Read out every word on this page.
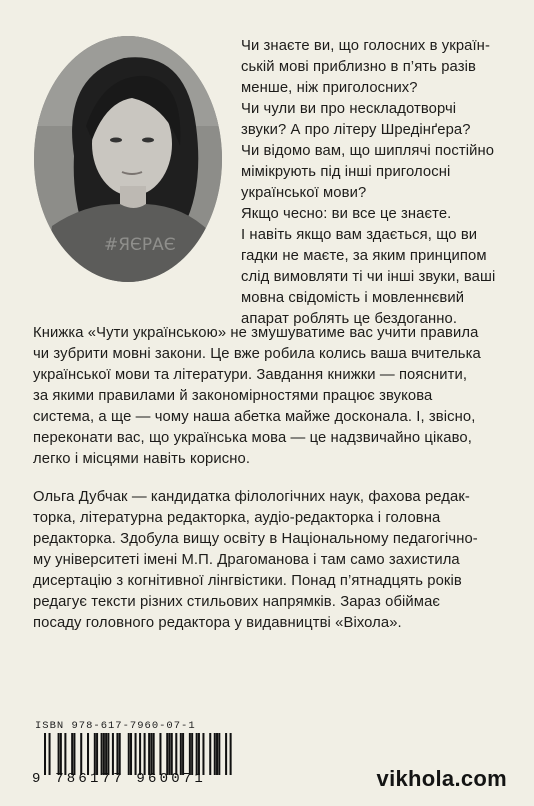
#ЯЄРАЄ
Чи знаєте ви, що голосних в україн-
ській мові приблизно в п’ять разів
менше, ніж приголосних?
Чи чули ви про нескладотворчі
звуки? А про літеру Шредінґера?
Чи відомо вам, що шиплячі постійно
мімікрують під інші приголосні
української мови?
Якщо чесно: ви все це знаєте.
І навіть якщо вам здається, що ви
гадки не маєте, за яким принципом
слід вимовляти ті чи інші звуки, ваші
мовна свідомість і мовленнєвий
апарат роблять це бездоганно.
Книжка «Чути українською» не змушуватиме вас учити правила
чи зубрити мовні закони. Це вже робила колись ваша вчителька
української мови та літератури. Завдання книжки — пояснити,
за якими правилами й закономірностями працює звукова
система, а ще — чому наша абетка майже досконала. І, звісно,
переконати вас, що українська мова — це надзвичайно цікаво,
легко і місцями навіть корисно.
Ольга Дубчак — кандидатка філологічних наук, фахова редак-
торка, літературна редакторка, аудіо-редакторка і головна
редакторка. Здобула вищу освіту в Національному педагогічно-
му університеті імені М.П. Драгоманова і там само захистила
дисертацію з когнітивної лінгвістики. Понад п’ятнадцять років
редагує тексти різних стильових напрямків. Зараз обіймає
посаду головного редактора у видавництві «Віхола».
ISBN 978-617-7960-07-1
9 786177 960071	vikhola.com
